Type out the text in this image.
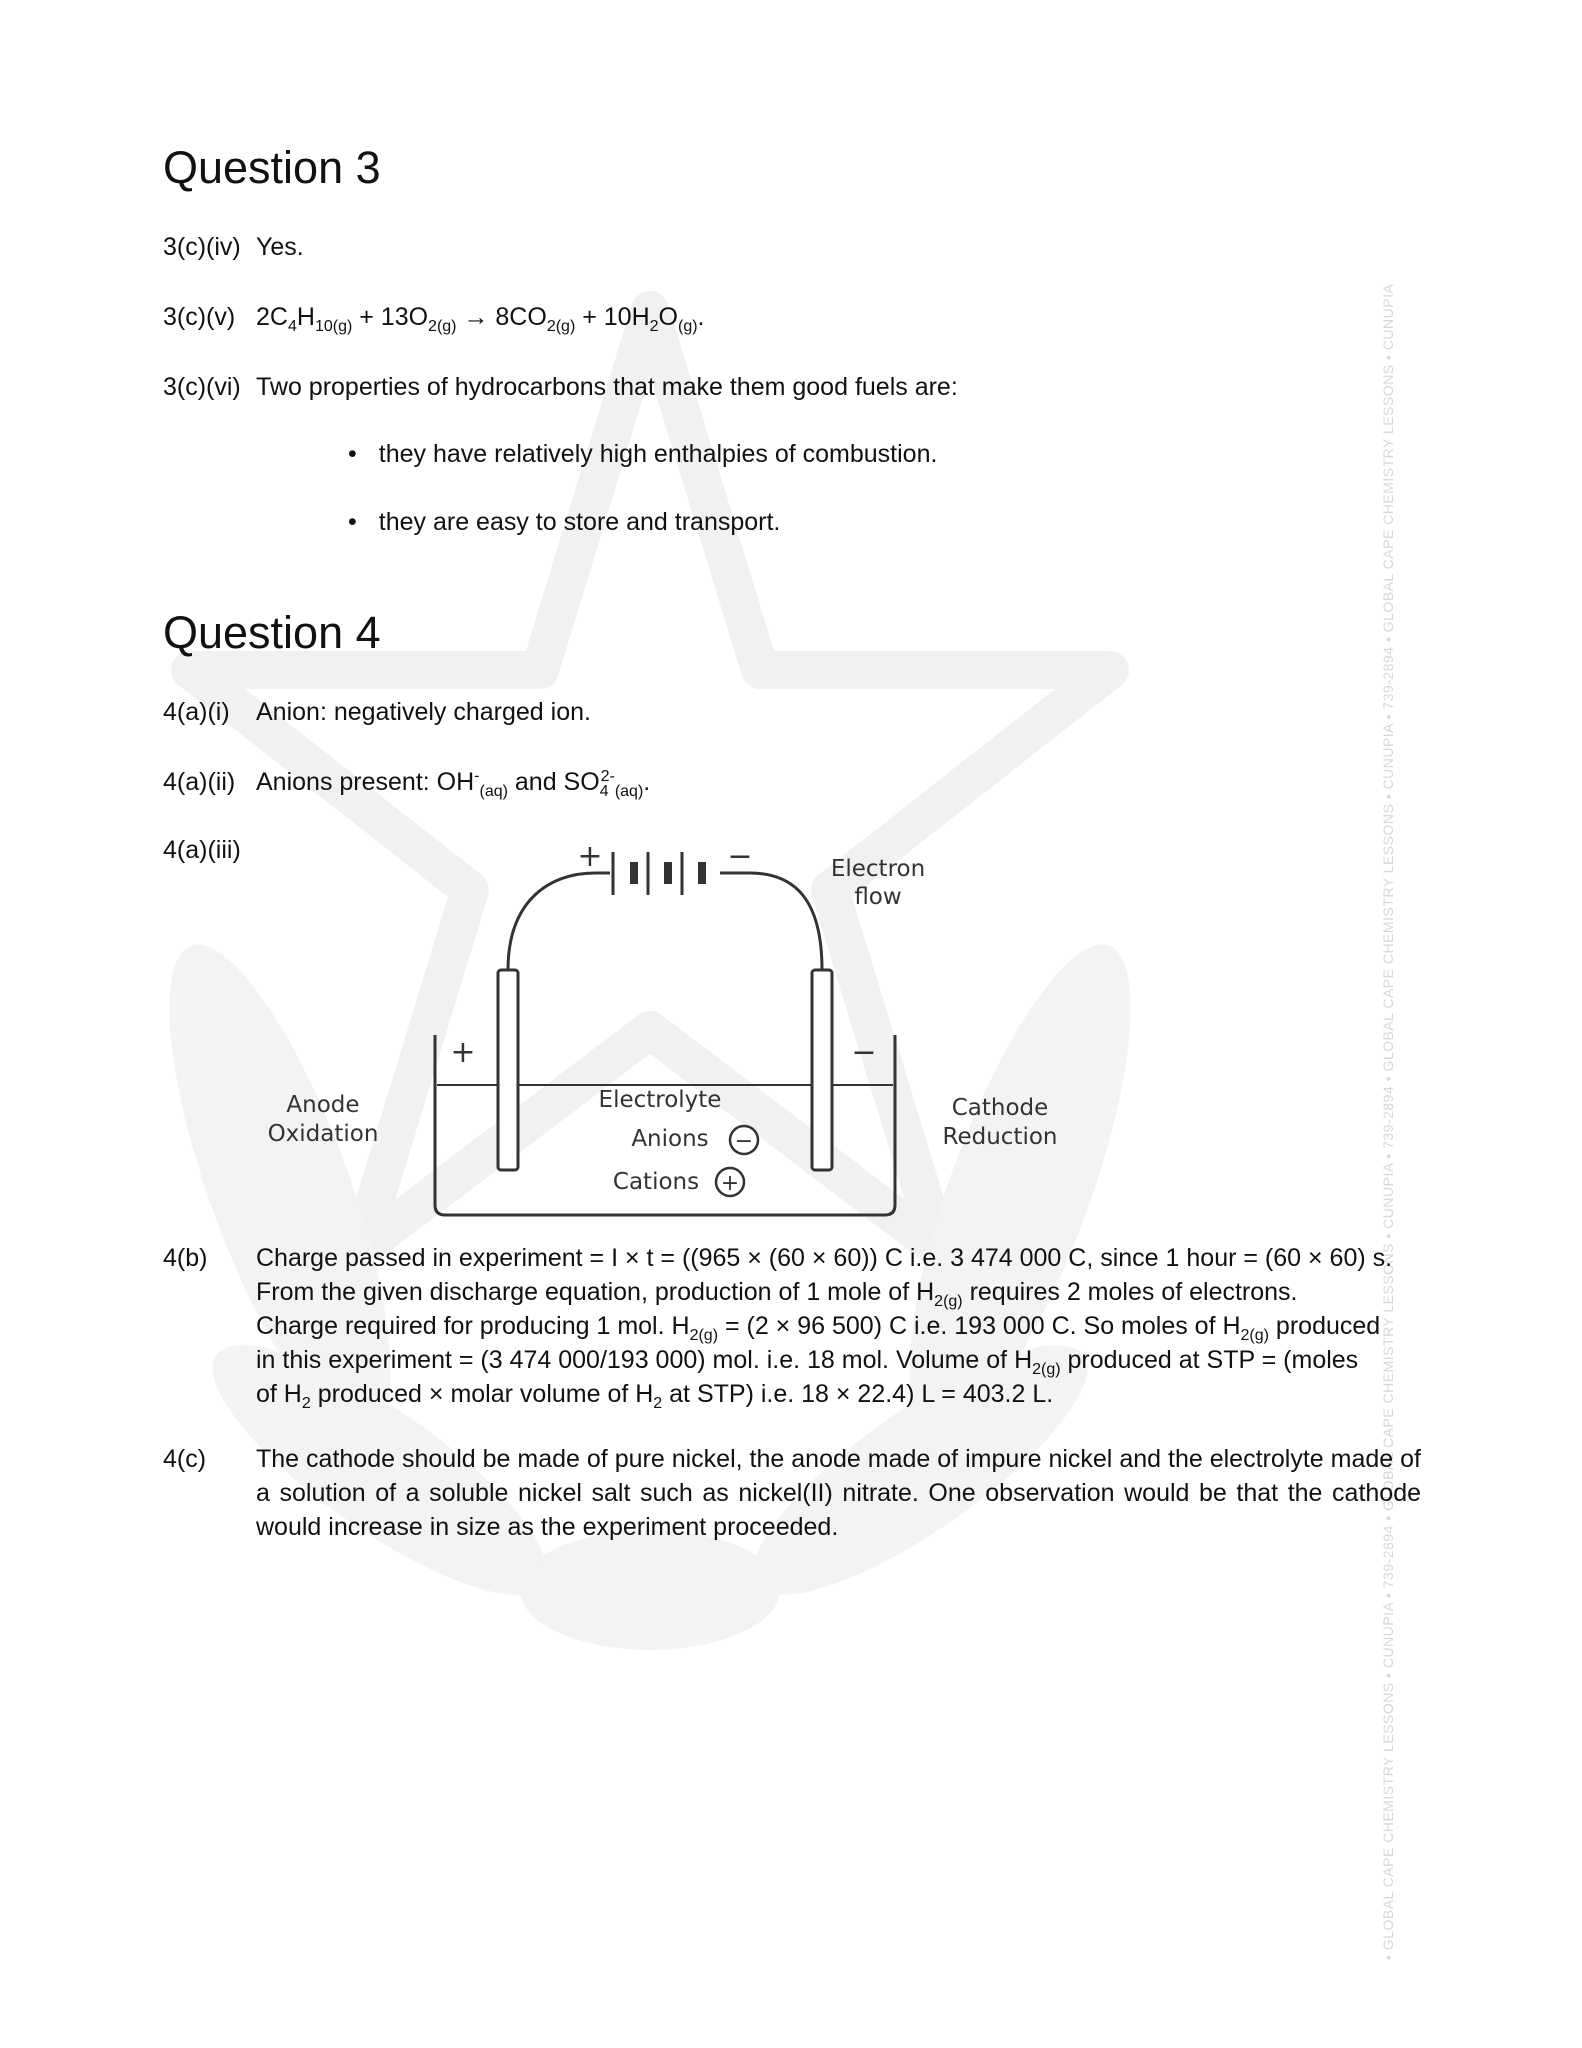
• GLOBAL CAPE CHEMISTRY LESSONS • CUNUPIA • 739-2894 • GLOBAL CAPE CHEMISTRY LESSONS • CUNUPIA • 739-2894 • GLOBAL CAPE CHEMISTRY LESSONS • CUNUPIA • 739-2894 • GLOBAL CAPE CHEMISTRY LESSONS • CUNUPIA
Question 3
3(c)(iv) Yes.
3(c)(v) $2C_4H_{10(g)} + 13O_{2(g)} \to 8CO_{2(g)} + 10H_2O_{(g)}$.
3(c)(vi) Two properties of hydrocarbons that make them good fuels are:
• they have relatively high enthalpies of combustion.
• they are easy to store and transport.
Question 4
4(a)(i) Anion: negatively charged ion.
4(a)(ii) Anions present: $OH^-_{(aq)}$ and $SO_4^{2-}_{(aq)}$.
4(a)(iii)	+	−	Electron
flow
+	−
Anode
Oxidation
Cathode
Reduction
Electrolyte
Anions −
Cations +
4(b) Charge passed in experiment = I × t = ((965 × (60 × 60)) C i.e. 3 474 000 C, since 1 hour = (60 × 60) s.
From the given discharge equation, production of 1 mole of $H_{2(g)}$ requires 2 moles of electrons.
Charge required for producing 1 mol. $H_{2(g)} = (2 \times 96$ 500) C i.e. 193 000 C. So moles of $H_{2(g)}$ produced
in this experiment = (3 474 000/193 000) mol. i.e. 18 mol. Volume of $H_{2(g)}$ produced at STP = (moles
of $H_2$ produced × molar volume of $H_2$ at STP) i.e. 18 × 22.4) L = 403.2 L.
4(c) The cathode should be made of pure nickel, the anode made of impure nickel and the electrolyte made of a solution of a soluble nickel salt such as nickel(II) nitrate. One observation would be that the cathode would increase in size as the experiment proceeded.
